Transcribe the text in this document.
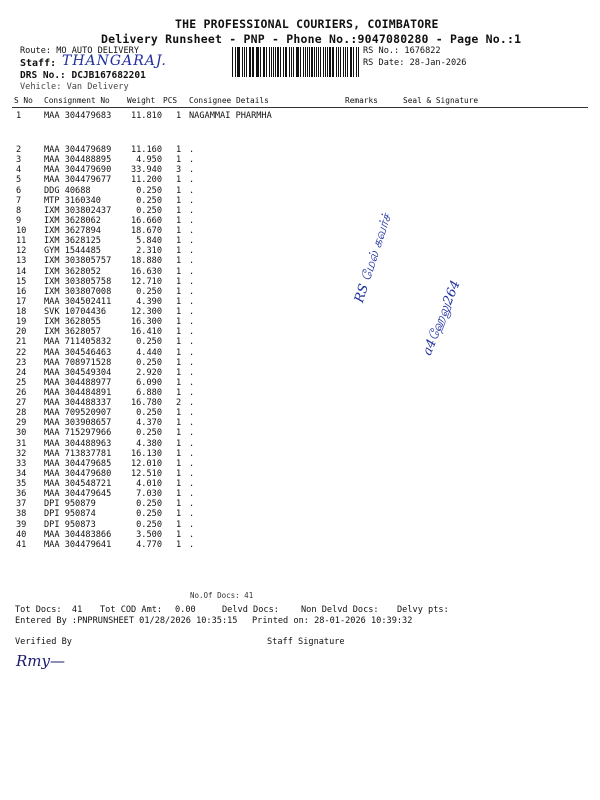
THE PROFESSIONAL COURIERS, COIMBATORE
Delivery Runsheet - PNP - Phone No.:9047080280 - Page No.:1
Route: MO AUTO DELIVERY
Staff: THANGARAJ.
DRS No.: DCJB167682201
Vehicle: Van Delivery
RS No.: 1676822
RS Date: 28-Jan-2026
S No Consignment No Weight PCS Consignee Details	Remarks	Seal & Signature
1	MAA 304479683	11.810 1 NAGAMMAI PHARMHA
2	MAA 304479689	11.160 1 .
3	MAA 304488895	4.950 1 .
4	MAA 304479690	33.940 3 .
5	MAA 304479677	11.200 1 .
6	DDG 40688	0.250 1 .
7	MTP 3160340	0.250 1 .
8	IXM 303802437	0.250 1 .
9	IXM 3628062	16.660 1 .
10 IXM 3627894	18.670 1 .
11 IXM 3628125	5.840 1 .
12 GYM 1544485	2.310 1 .
13 IXM 303805757	18.880 1 .
14 IXM 3628052	16.630 1 .
15 IXM 303805758	12.710 1 .
16 IXM 303807008	0.250 1 .
17 MAA 304502411	4.390 1 .
18 SVK 10704436	12.300 1 .
19 IXM 3628055	16.300 1 .
20 IXM 3628057	16.410 1 .
21 MAA 711405832	0.250 1 .
22 MAA 304546463	4.440 1 .
23 MAA 708971528	0.250 1 .
24 MAA 304549304	2.920 1 .
25 MAA 304488977	6.090 1 .
26 MAA 304484891	6.880 1 .
27 MAA 304488337	16.780 2 .
28 MAA 709520907	0.250 1 .
29 MAA 303908657	4.370 1 .
30 MAA 715297966	0.250 1 .
31 MAA 304488963	4.380 1 .
32 MAA 713837781	16.130 1 .
33 MAA 304479685	12.010 1 .
34 MAA 304479680	12.510 1 .
35 MAA 304548721	4.010 1 .
36 MAA 304479645	7.030 1 .
37 DPI 950879	0.250 1 .
38 DPI 950874	0.250 1 .
39 DPI 950873	0.250 1 .
40 MAA 304483866	3.500 1 .
41 MAA 304479641	4.770 1 .
No.Of Docs: 41
Tot Docs:  41 Tot COD Amt: 0.00	Delvd Docs:	Non Delvd Docs: Delvy pts:
Entered By :PNPRUNSHEET 01/28/2026 10:35:15 Printed on: 28-01-2026 10:39:32
Verified By	Staff Signature
RS மேல் கவர்ச்
a4ஹேலு264
Rmy—
